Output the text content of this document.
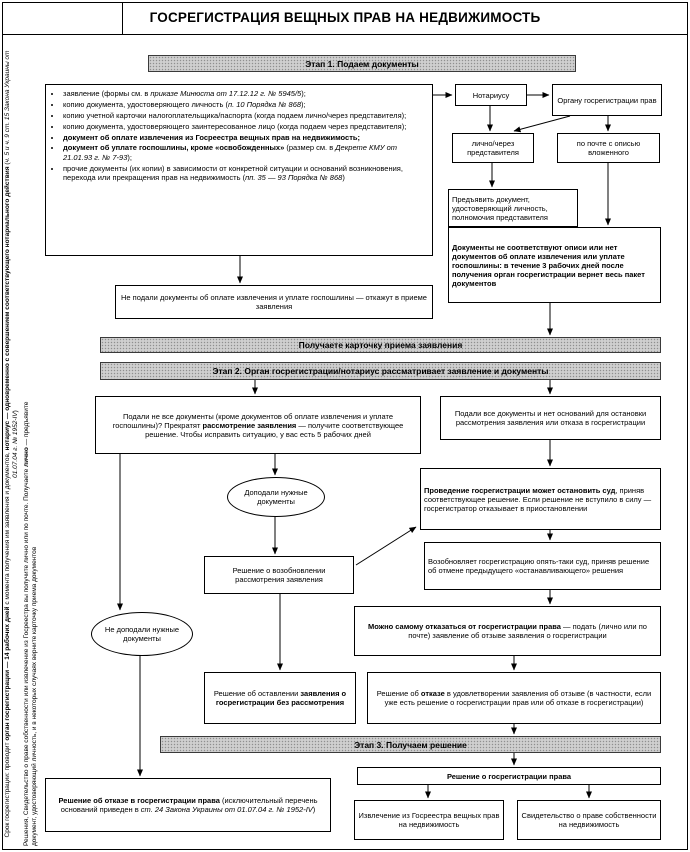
ГОСРЕГИСТРАЦИЯ ВЕЩНЫХ ПРАВ НА НЕДВИЖИМОСТЬ
Срок госрегистрации: проводит орган госрегистрации — 14 рабочих дней с момента получения им заявления и документов, нотариус — одновременно с совершением соответствующего нотариального действия (ч. 5 и ч. 9 ст. 15 Закона Украины от 01.07.04 г. № 1952-IV)
Решения, Свидетельство о праве собственности или извлечение из Госреестра вы получите лично или по почте. Получаете лично — предъявите документ, удостоверяющий личность, и в некоторых случаях верните карточку приема документов
Этап 1. Подаем документы
• заявление (формы см. в приказе Минюста от 17.12.12 г. № 5945/5);
• копию документа, удостоверяющего личность (п. 10 Порядка № 868);
• копию учетной карточки налогоплательщика/паспорта (когда подаем лично/через представителя);
• копию документа, удостоверяющего заинтересованное лицо (когда подаем через представителя);
• документ об оплате извлечения из Госреестра вещных прав на недвижимость;
• документ об уплате госпошлины, кроме «освобожденных» (размер см. в Декрете КМУ от 21.01.93 г. № 7-93);
• прочие документы (их копии) в зависимости от конкретной ситуации и оснований возникновения, перехода или прекращения прав на недвижимость (пп. 35 — 93 Порядка № 868)
Нотариусу
Органу госрегистрации прав
лично/через представителя
по почте с описью вложенного
Предъявить документ, удостоверяющий личность, полномочия представителя
Документы не соответствуют описи или нет документов об оплате извлечения или уплате госпошлины: в течение 3 рабочих дней после получения орган госрегистрации вернет весь пакет документов
Не подали документы об оплате извлечения и уплате госпошлины — откажут в приеме заявления
Получаете карточку приема заявления
Этап 2. Орган госрегистрации/нотариус рассматривает заявление и документы
Подали не все документы (кроме документов об оплате извлечения и уплате госпошлины)? Прекратят рассмотрение заявления — получите соответствующее решение. Чтобы исправить ситуацию, у вас есть 5 рабочих дней
Подали все документы и нет оснований для остановки рассмотрения заявления или отказа в госрегистрации
Доподали нужные документы
Проведение госрегистрации может остановить суд, приняв соответствующее решение. Если решение не вступило в силу — госрегистратор отказывает в приостановлении
Решение о возобновлении рассмотрения заявления
Возобновляет госрегистрацию опять-таки суд, приняв решение об отмене предыдущего «останавливающего» решения
Не доподали нужные документы
Можно самому отказаться от госрегистрации права — подать (лично или по почте) заявление об отзыве заявления о госрегистрации
Решение об оставлении заявления о госрегистрации без рассмотрения
Решение об отказе в удовлетворении заявления об отзыве (в частности, если уже есть решение о госрегистрации прав или об отказе в госрегистрации)
Этап 3. Получаем решение
Решение об отказе в госрегистрации права (исключительный перечень оснований приведен в ст. 24 Закона Украины от 01.07.04 г. № 1952-IV)
Решение о госрегистрации права
Извлечение из Госреестра вещных прав на недвижимость
Свидетельство о праве собственности на недвижимость
